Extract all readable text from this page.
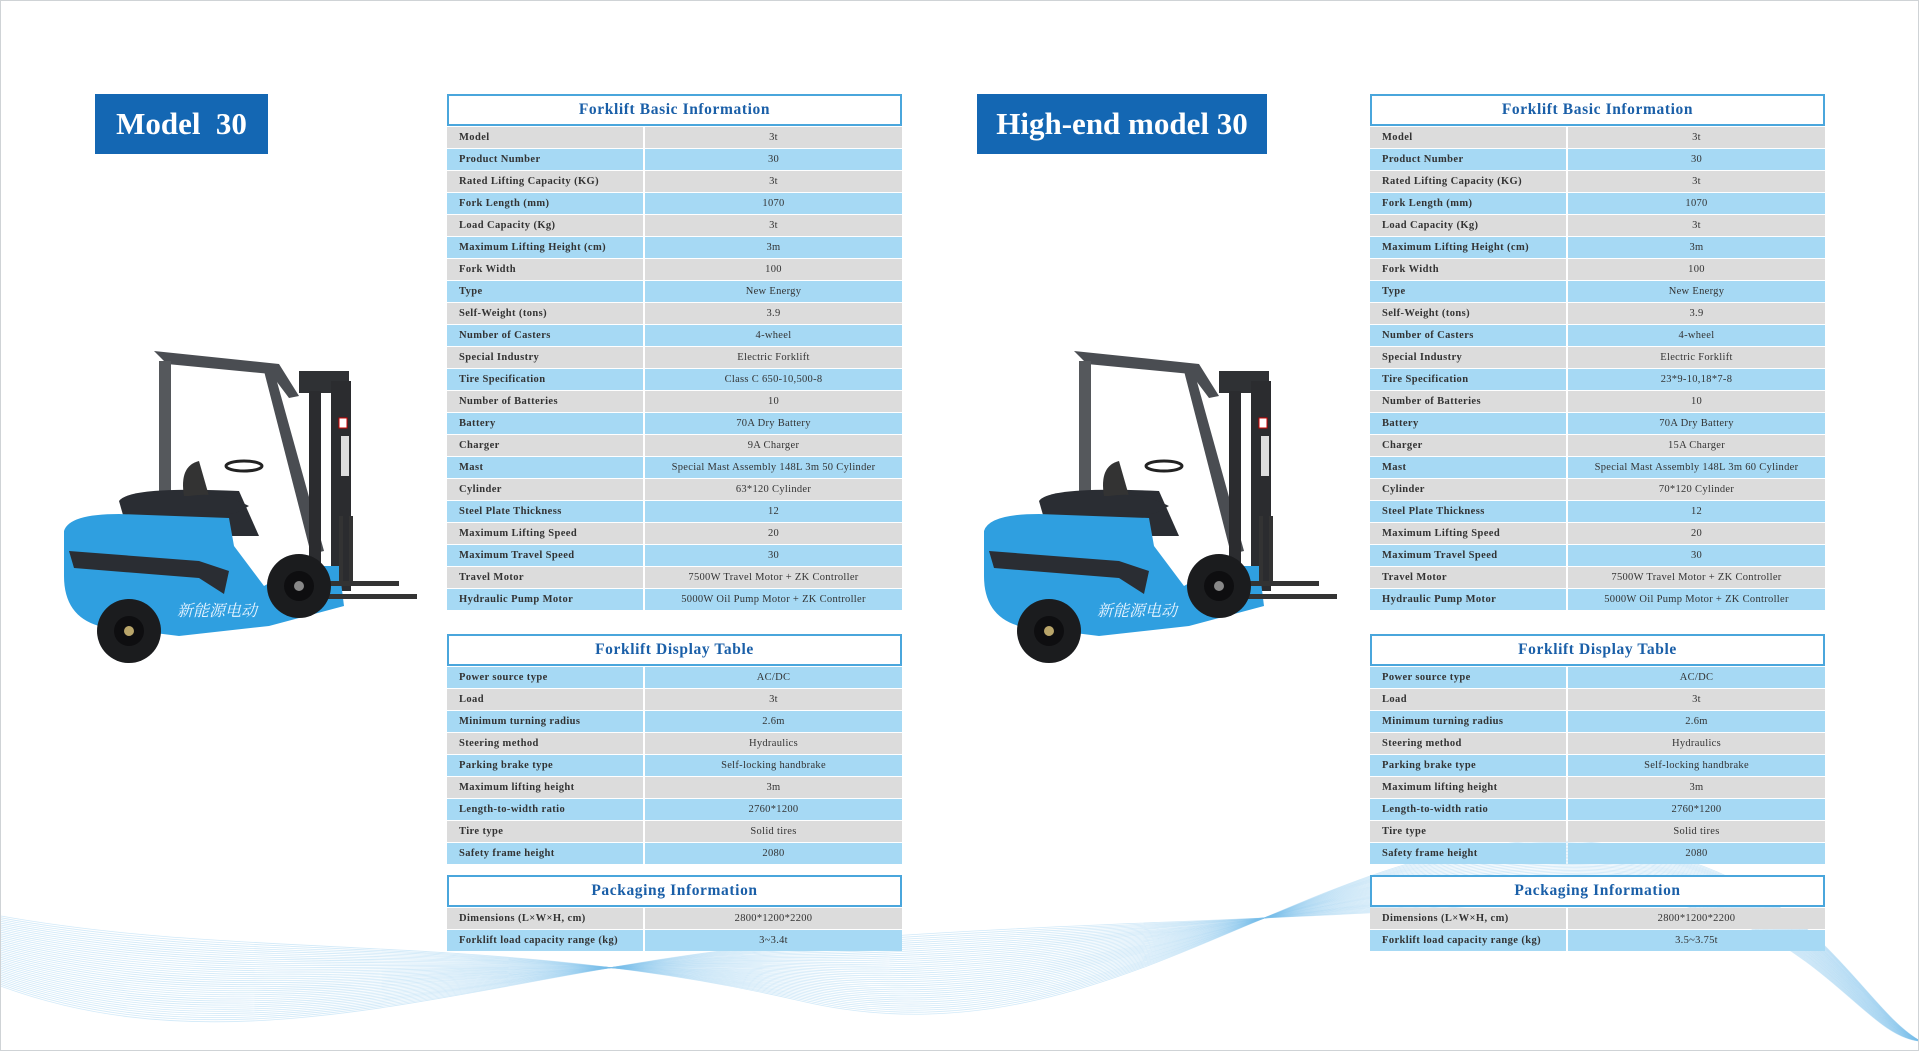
Model  30	High-end model 30
新能源电动	新能源电动
Forklift Basic Information
Model	3t
Product Number	30
Rated Lifting Capacity (KG)	3t
Fork Length (mm)	1070
Load Capacity (Kg)	3t
Maximum Lifting Height (cm)	3m
Fork Width	100
Type	New Energy
Self-Weight (tons)	3.9
Number of Casters	4-wheel
Special Industry	Electric Forklift
Tire Specification	Class C 650-10,500-8
Number of Batteries	10
Battery	70A Dry Battery
Charger	9A Charger
Mast	Special Mast Assembly 148L 3m 50 Cylinder
Cylinder	63*120 Cylinder
Steel Plate Thickness	12
Maximum Lifting Speed	20
Maximum Travel Speed	30
Travel Motor	7500W Travel Motor + ZK Controller
Hydraulic Pump Motor	5000W Oil Pump Motor + ZK Controller
Forklift Display Table
Power source type	AC/DC
Load	3t
Minimum turning radius	2.6m
Steering method	Hydraulics
Parking brake type	Self-locking handbrake
Maximum lifting height	3m
Length-to-width ratio	2760*1200
Tire type	Solid tires
Safety frame height	2080
Packaging Information
Dimensions (L×W×H, cm)	2800*1200*2200
Forklift load capacity range (kg)	3~3.4t
Forklift Basic Information
Model	3t
Product Number	30
Rated Lifting Capacity (KG)	3t
Fork Length (mm)	1070
Load Capacity (Kg)	3t
Maximum Lifting Height (cm)	3m
Fork Width	100
Type	New Energy
Self-Weight (tons)	3.9
Number of Casters	4-wheel
Special Industry	Electric Forklift
Tire Specification	23*9-10,18*7-8
Number of Batteries	10
Battery	70A Dry Battery
Charger	15A Charger
Mast	Special Mast Assembly 148L 3m 60 Cylinder
Cylinder	70*120 Cylinder
Steel Plate Thickness	12
Maximum Lifting Speed	20
Maximum Travel Speed	30
Travel Motor	7500W Travel Motor + ZK Controller
Hydraulic Pump Motor	5000W Oil Pump Motor + ZK Controller
Forklift Display Table
Power source type	AC/DC
Load	3t
Minimum turning radius	2.6m
Steering method	Hydraulics
Parking brake type	Self-locking handbrake
Maximum lifting height	3m
Length-to-width ratio	2760*1200
Tire type	Solid tires
Safety frame height	2080
Packaging Information
Dimensions (L×W×H, cm)	2800*1200*2200
Forklift load capacity range (kg)	3.5~3.75t
